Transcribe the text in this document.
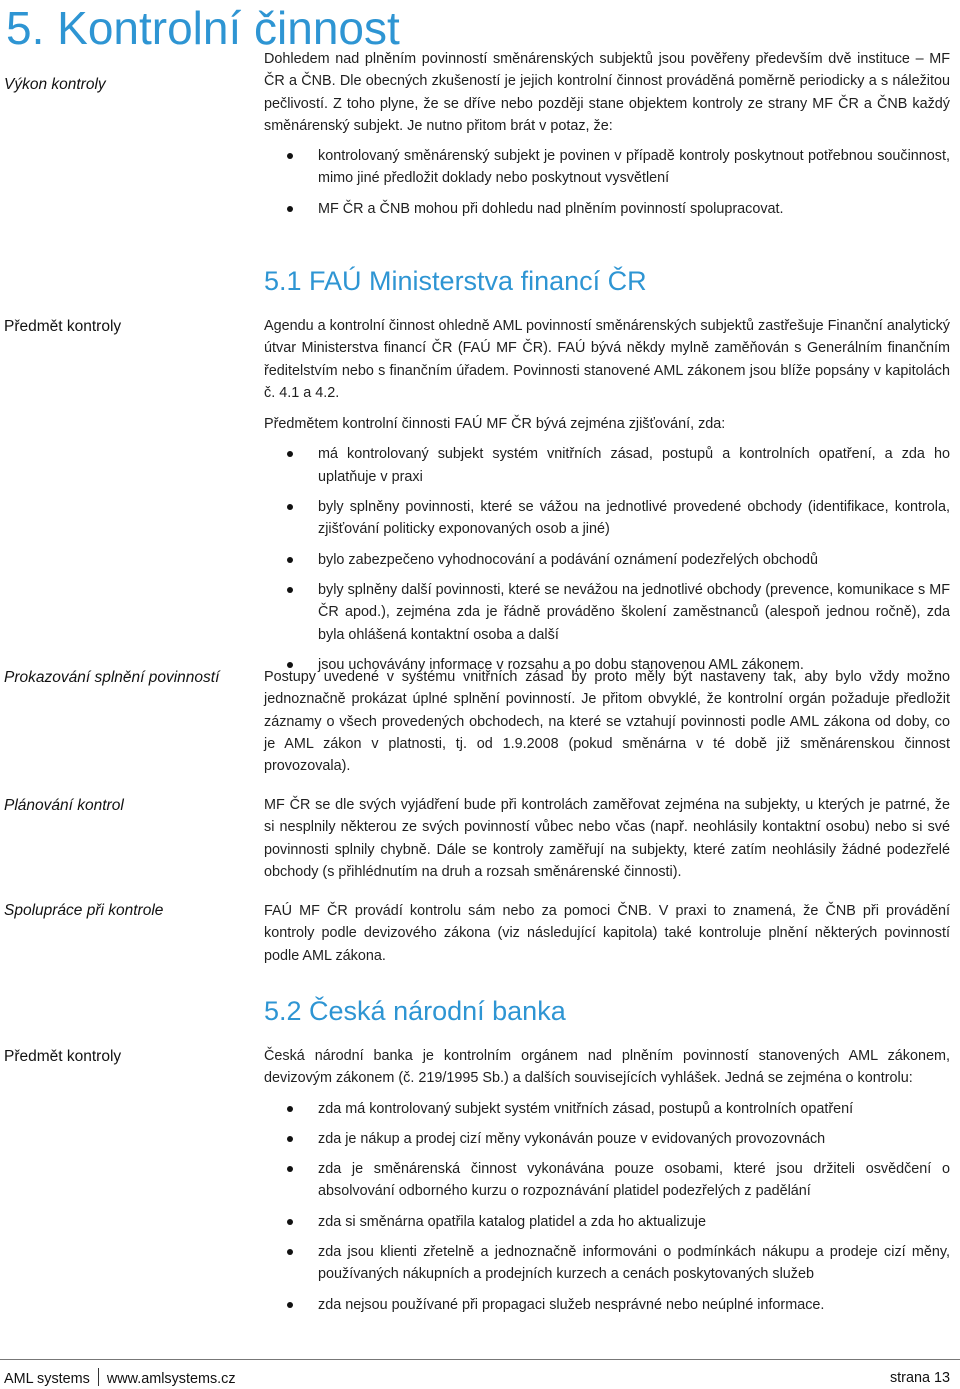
5. Kontrolní činnost
Výkon kontroly

Dohledem nad plněním povinností směnárenských subjektů jsou pověřeny především dvě instituce – MF ČR a ČNB. Dle obecných zkušeností je jejich kontrolní činnost prováděná poměrně periodicky a s náležitou pečlivostí. Z toho plyne, že se dříve nebo později stane objektem kontroly ze strany MF ČR a ČNB každý směnárenský subjekt. Je nutno přitom brát v potaz, že:

kontrolovaný směnárenský subjekt je povinen v případě kontroly poskytnout potřebnou součinnost, mimo jiné předložit doklady nebo poskytnout vysvětlení
MF ČR a ČNB mohou při dohledu nad plněním povinností spolupracovat.
5.1 FAÚ Ministerstva financí ČR
Předmět kontroly	Agendu a kontrolní činnost ohledně AML povinností směnárenských subjektů zastřešuje Finanční analytický útvar Ministerstva financí ČR (FAÚ MF ČR). FAÚ bývá někdy mylně zaměňován s Generálním finančním ředitelstvím nebo s finančním úřadem. Povinnosti stanovené AML zákonem jsou blíže popsány v kapitolách č. 4.1 a 4.2.

Předmětem kontrolní činnosti FAÚ MF ČR bývá zejména zjišťování, zda:

má kontrolovaný subjekt systém vnitřních zásad, postupů a kontrolních opatření, a zda ho uplatňuje v praxi
byly splněny povinnosti, které se vážou na jednotlivé provedené obchody (identifikace, kontrola, zjišťování politicky exponovaných osob a jiné)
bylo zabezpečeno vyhodnocování a podávání oznámení podezřelých obchodů
byly splněny další povinnosti, které se nevážou na jednotlivé obchody (prevence, komunikace s MF ČR apod.), zejména zda je řádně prováděno školení zaměstnanců (alespoň jednou ročně), zda byla ohlášená kontaktní osoba a další
jsou uchovávány informace v rozsahu a po dobu stanovenou AML zákonem.
Prokazování splnění povinností	Postupy uvedené v systému vnitřních zásad by proto měly být nastaveny tak, aby bylo vždy možno jednoznačně prokázat úplné splnění povinností. Je přitom obvyklé, že kontrolní orgán požaduje předložit záznamy o všech provedených obchodech, na které se vztahují povinnosti podle AML zákona od doby, co je AML zákon v platnosti, tj. od 1.9.2008 (pokud směnárna v té době již směnárenskou činnost provozovala).

Plánování kontrol	MF ČR se dle svých vyjádření bude při kontrolách zaměřovat zejména na subjekty, u kterých je patrné, že si nesplnily některou ze svých povinností vůbec nebo včas (např. neohlásily kontaktní osobu) nebo si své povinnosti splnily chybně. Dále se kontroly zaměřují na subjekty, které zatím neohlásily žádné podezřelé obchody (s přihlédnutím na druh a rozsah směnárenské činnosti).

Spolupráce při kontrole	FAÚ MF ČR provádí kontrolu sám nebo za pomoci ČNB. V praxi to znamená, že ČNB při provádění kontroly podle devizového zákona (viz následující kapitola) také kontroluje plnění některých povinností podle AML zákona.

5.2 Česká národní banka
Předmět kontroly	Česká národní banka je kontrolním orgánem nad plněním povinností stanovených AML zákonem, devizovým zákonem (č. 219/1995 Sb.) a dalších souvisejících vyhlášek. Jedná se zejména o kontrolu:

zda má kontrolovaný subjekt systém vnitřních zásad, postupů a kontrolních opatření
zda je nákup a prodej cizí měny vykonáván pouze v evidovaných provozovnách
zda je směnárenská činnost vykonávána pouze osobami, které jsou držiteli osvědčení o absolvování odborného kurzu o rozpoznávání platidel podezřelých z padělání
zda si směnárna opatřila katalog platidel a zda ho aktualizuje
zda jsou klienti zřetelně a jednoznačně informováni o podmínkách nákupu a prodeje cizí měny, používaných nákupních a prodejních kurzech a cenách poskytovaných služeb
zda nejsou používané při propagaci služeb nesprávné nebo neúplné informace.
AML systems www.amlsystems.cz	strana 13
